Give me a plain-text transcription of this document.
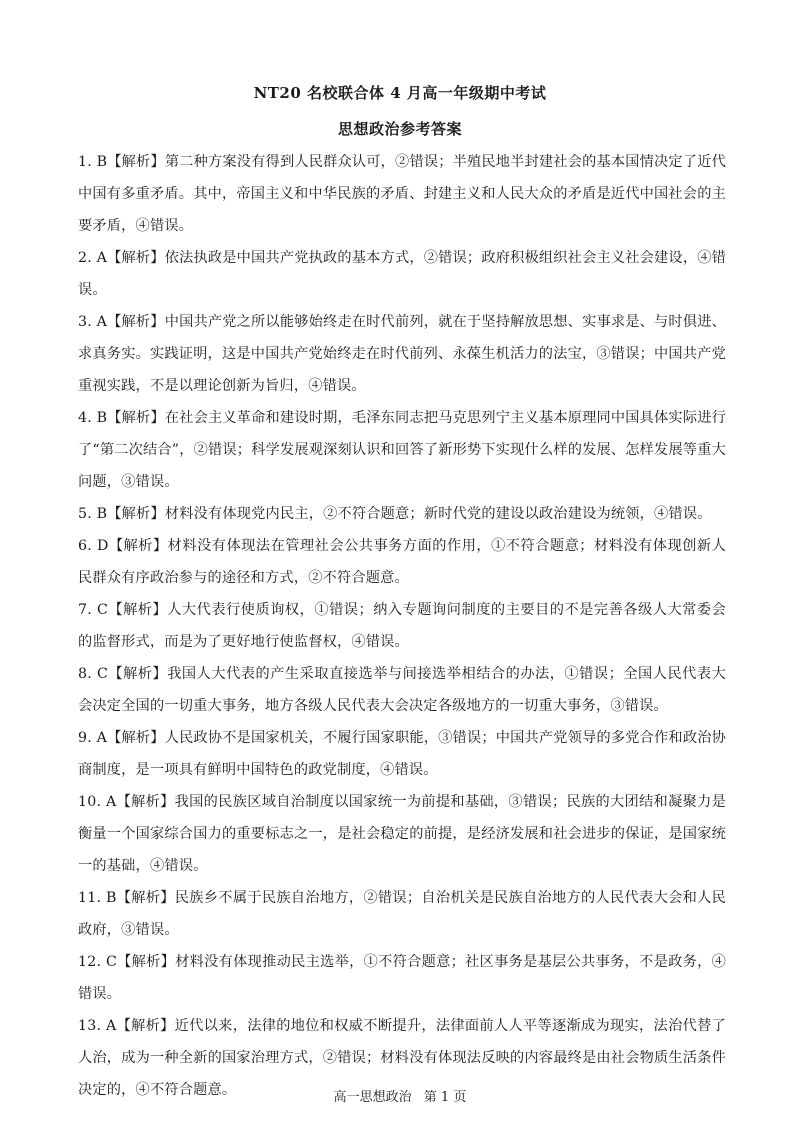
NT20 名校联合体 4 月高一年级期中考试
思想政治参考答案
1. B【解析】第二种方案没有得到人民群众认可，②错误；半殖民地半封建社会的基本国情决定了近代中国有多重矛盾。其中，帝国主义和中华民族的矛盾、封建主义和人民大众的矛盾是近代中国社会的主要矛盾，④错误。
2. A【解析】依法执政是中国共产党执政的基本方式，②错误；政府积极组织社会主义社会建设，④错误。
3. A【解析】中国共产党之所以能够始终走在时代前列，就在于坚持解放思想、实事求是、与时俱进、求真务实。实践证明，这是中国共产党始终走在时代前列、永葆生机活力的法宝，③错误；中国共产党重视实践，不是以理论创新为旨归，④错误。
4. B【解析】在社会主义革命和建设时期，毛泽东同志把马克思列宁主义基本原理同中国具体实际进行了“第二次结合”，②错误；科学发展观深刻认识和回答了新形势下实现什么样的发展、怎样发展等重大问题，③错误。
5. B【解析】材料没有体现党内民主，②不符合题意；新时代党的建设以政治建设为统领，④错误。
6. D【解析】材料没有体现法在管理社会公共事务方面的作用，①不符合题意；材料没有体现创新人民群众有序政治参与的途径和方式，②不符合题意。
7. C【解析】人大代表行使质询权，①错误；纳入专题询问制度的主要目的不是完善各级人大常委会的监督形式，而是为了更好地行使监督权，④错误。
8. C【解析】我国人大代表的产生采取直接选举与间接选举相结合的办法，①错误；全国人民代表大会决定全国的一切重大事务，地方各级人民代表大会决定各级地方的一切重大事务，③错误。
9. A【解析】人民政协不是国家机关，不履行国家职能，③错误；中国共产党领导的多党合作和政治协商制度，是一项具有鲜明中国特色的政党制度，④错误。
10. A【解析】我国的民族区域自治制度以国家统一为前提和基础，③错误；民族的大团结和凝聚力是衡量一个国家综合国力的重要标志之一，是社会稳定的前提，是经济发展和社会进步的保证，是国家统一的基础，④错误。
11. B【解析】民族乡不属于民族自治地方，②错误；自治机关是民族自治地方的人民代表大会和人民政府，③错误。
12. C【解析】材料没有体现推动民主选举，①不符合题意；社区事务是基层公共事务，不是政务，④错误。
13. A【解析】近代以来，法律的地位和权威不断提升，法律面前人人平等逐渐成为现实，法治代替了人治，成为一种全新的国家治理方式，②错误；材料没有体现法反映的内容最终是由社会物质生活条件决定的，④不符合题意。	高一思想政治 第 1 页
